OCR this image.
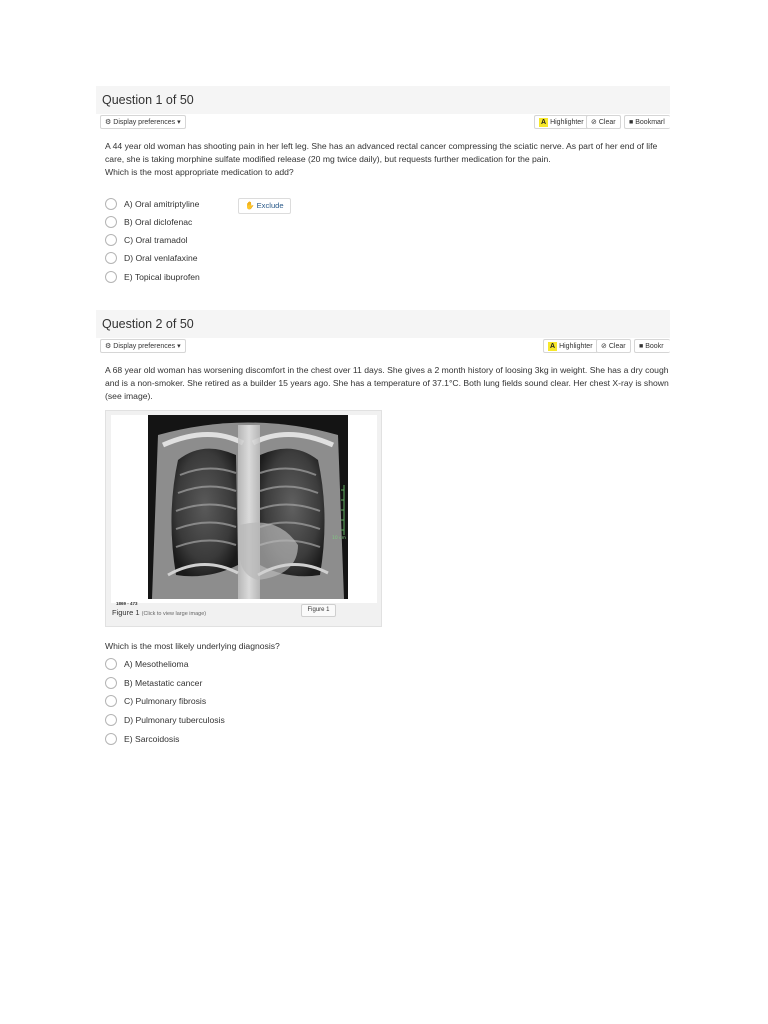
Question 1 of 50
⚙ Display preferences ▾	A Highlighter	⊘ Clear	■ Bookmarl

A 44 year old woman has shooting pain in her left leg. She has an advanced rectal cancer compressing the sciatic nerve. As part of her end of life care, she is taking morphine sulfate modified release (20 mg twice daily), but requests further medication for the pain.

Which is the most appropriate medication to add?

✋ Exclude
A) Oral amitriptyline
B) Oral diclofenac
C) Oral tramadol
D) Oral venlafaxine
E) Topical ibuprofen
Question 2 of 50
⚙ Display preferences ▾	A Highlighter	⊘ Clear	■ Bookr

A 68 year old woman has worsening discomfort in the chest over 11 days. She gives a 2 month history of loosing 3kg in weight. She has a dry cough and is a non-smoker. She retired as a builder 15 years ago. She has a temperature of 37.1°C. Both lung fields sound clear. Her chest X-ray is shown (see image).

10 cm
1869 - 473
Figure 1 (Click to view large image)
Figure 1

Which is the most likely underlying diagnosis?

A) Mesothelioma
B) Metastatic cancer
C) Pulmonary fibrosis
D) Pulmonary tuberculosis
E) Sarcoidosis
